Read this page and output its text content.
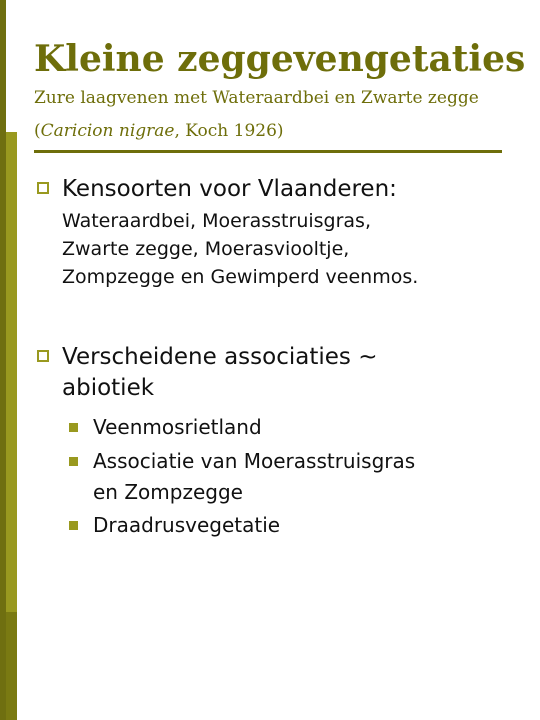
Kleine zeggevengetaties
Zure laagvenen met Wateraardbei en Zwarte zegge
(Caricion nigrae, Koch 1926)
Kensoorten voor Vlaanderen:
Wateraardbei, Moerasstruisgras,
Zwarte zegge, Moerasviooltje,
Zompzegge en Gewimperd veenmos.
Verscheidene associaties ~
abiotiek
Veenmosrietland
Associatie van Moerasstruisgras
en Zompzegge
Draadrusvegetatie
